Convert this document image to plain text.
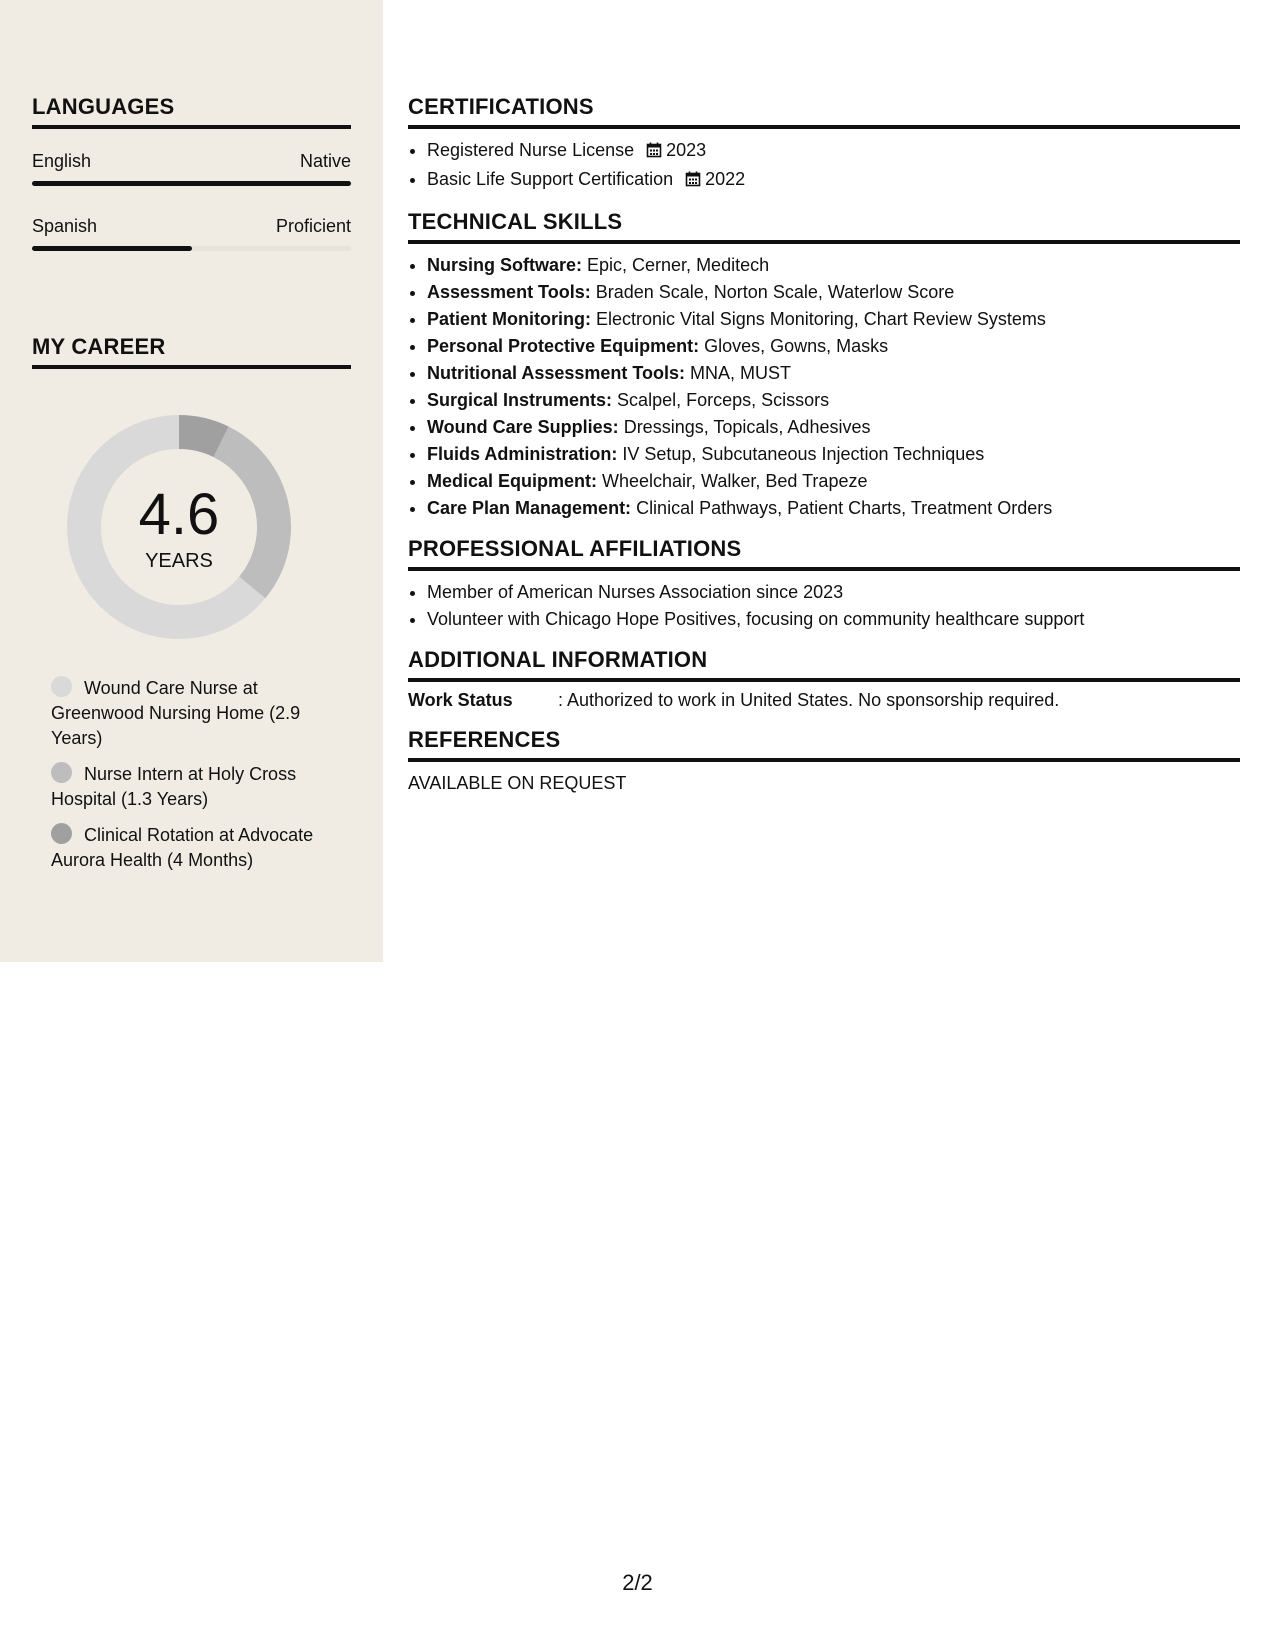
LANGUAGES
English	Native
Spanish	Proficient
MY CAREER
4.6
YEARS
Wound Care Nurse at Greenwood Nursing Home (2.9 Years)
Nurse Intern at Holy Cross Hospital (1.3 Years)
Clinical Rotation at Advocate Aurora Health (4 Months)
CERTIFICATIONS
• Registered Nurse License 2023
• Basic Life Support Certification 2022
TECHNICAL SKILLS
• Nursing Software: Epic, Cerner, Meditech
• Assessment Tools: Braden Scale, Norton Scale, Waterlow Score
• Patient Monitoring: Electronic Vital Signs Monitoring, Chart Review Systems
• Personal Protective Equipment: Gloves, Gowns, Masks
• Nutritional Assessment Tools: MNA, MUST
• Surgical Instruments: Scalpel, Forceps, Scissors
• Wound Care Supplies: Dressings, Topicals, Adhesives
• Fluids Administration: IV Setup, Subcutaneous Injection Techniques
• Medical Equipment: Wheelchair, Walker, Bed Trapeze
• Care Plan Management: Clinical Pathways, Patient Charts, Treatment Orders
PROFESSIONAL AFFILIATIONS
• Member of American Nurses Association since 2023
• Volunteer with Chicago Hope Positives, focusing on community healthcare support
ADDITIONAL INFORMATION
Work Status	: Authorized to work in United States. No sponsorship required.
REFERENCES
AVAILABLE ON REQUEST
2/2
